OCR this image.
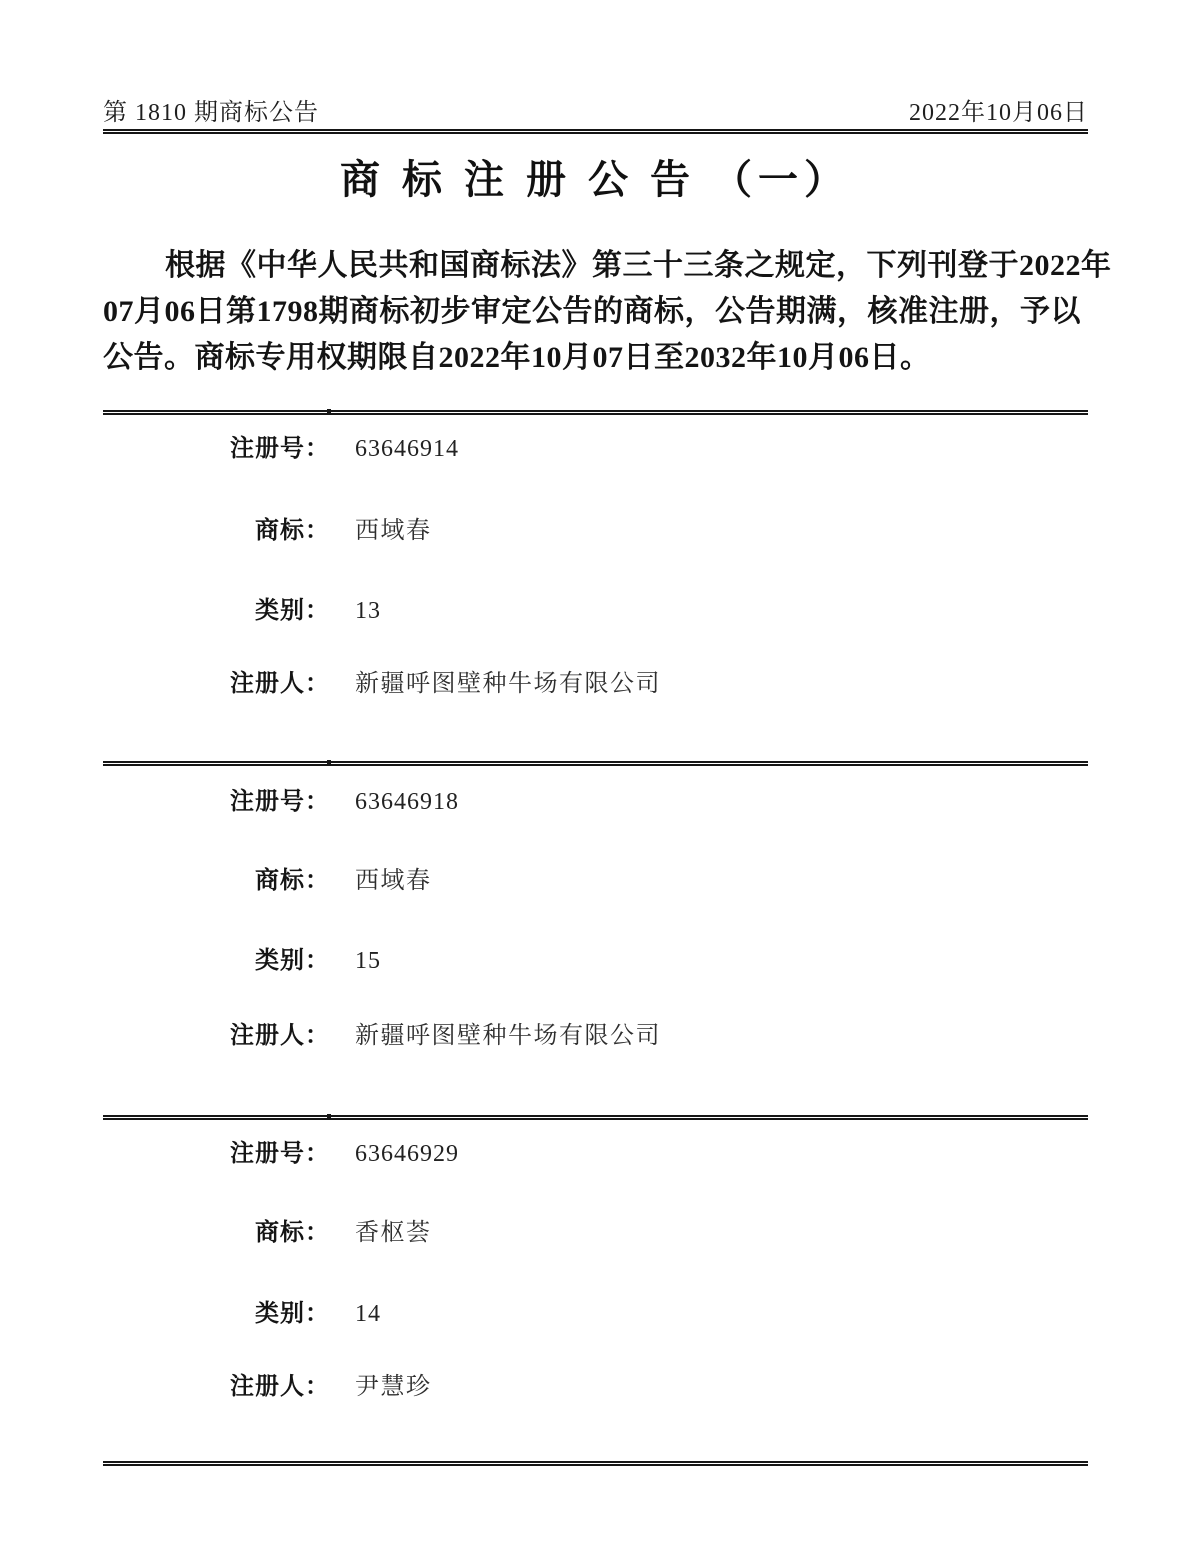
第 1810 期商标公告	2022年10月06日
商 标 注 册 公 告 （一）
根据《中华人民共和国商标法》第三十三条之规定，下列刊登于2022年
07月06日第1798期商标初步审定公告的商标，公告期满，核准注册，予以
公告。商标专用权期限自2022年10月07日至2032年10月06日。
注册号： 63646914
商标： 西域春
类别： 13
注册人： 新疆呼图壁种牛场有限公司
注册号： 63646918
商标： 西域春
类别： 15
注册人： 新疆呼图壁种牛场有限公司
注册号： 63646929
商标： 香枢荟
类别： 14
注册人： 尹慧珍
